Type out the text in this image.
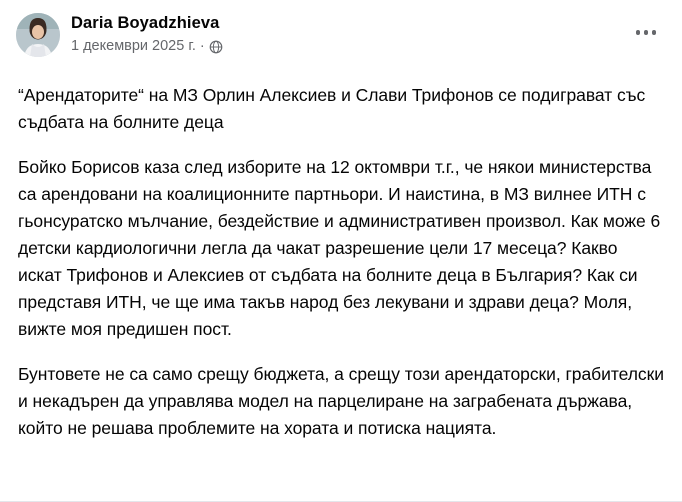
Daria Boyadzhieva
1 декември 2025 г. ·

“Арендаторите“ на МЗ Орлин Алексиев и Слави Трифонов се подиграват със съдбата на болните деца

Бойко Борисов каза след изборите на 12 октомври т.г., че някои министерства са арендовани на коалиционните партньори. И наистина, в МЗ вилнее ИТН с гьонсуратско мълчание, бездействие и административен произвол. Как може 6 детски кардиологични легла да чакат разрешение цели 17 месеца? Какво искат Трифонов и Алексиев от съдбата на болните деца в България? Как си представя ИТН, че ще има такъв народ без лекувани и здрави деца? Моля, вижте моя предишен пост.

Бунтовете не са само срещу бюджета, а срещу този арендаторски, грабителски и некадърен да управлява модел на парцелиране на заграбената държава, който не решава проблемите на хората и потиска нацията.
